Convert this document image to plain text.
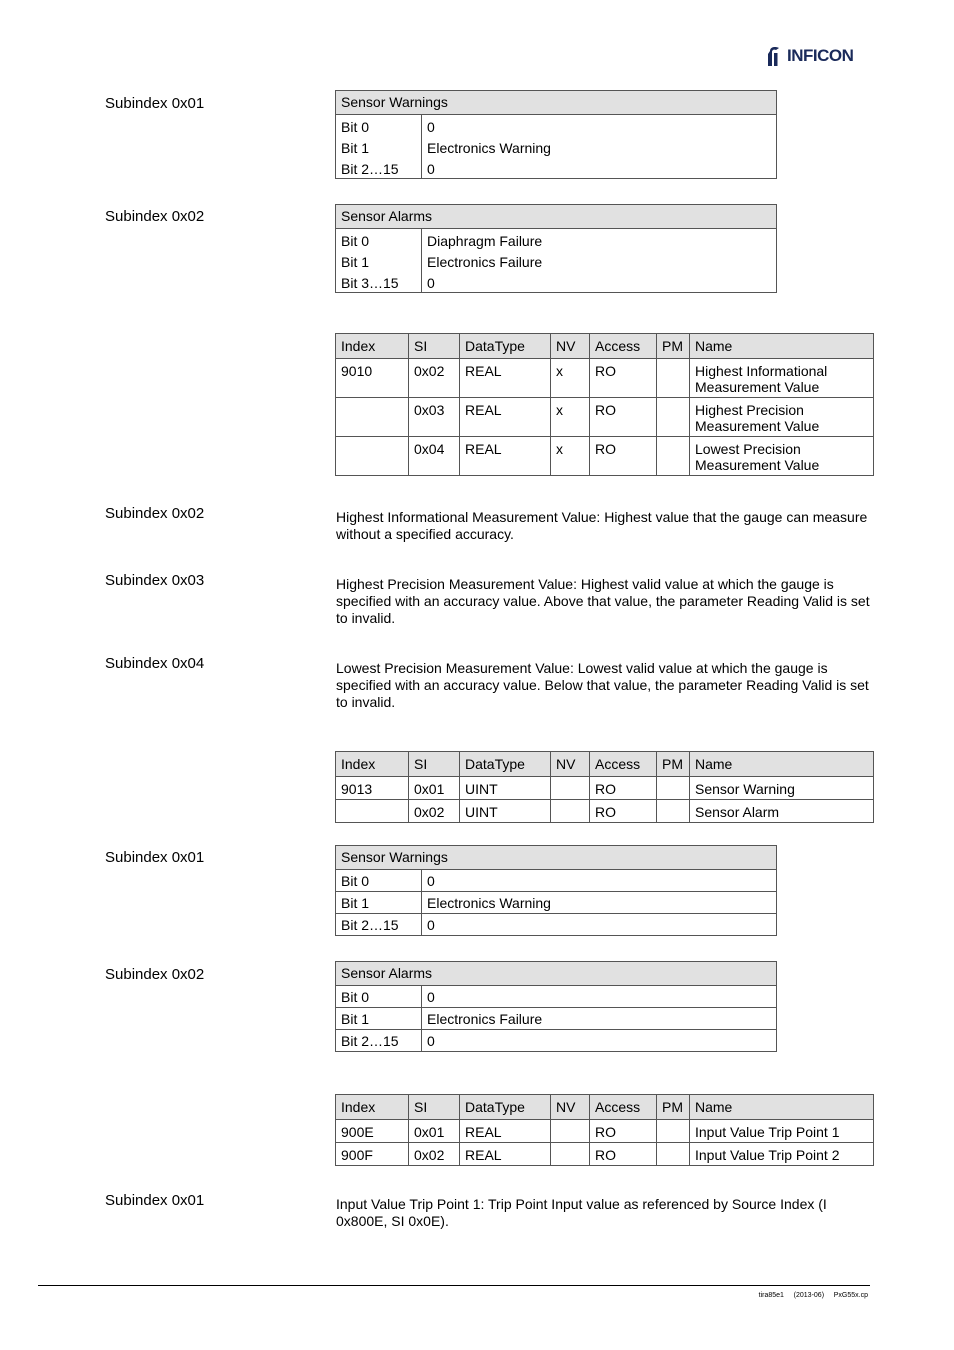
INFICON
Subindex 0x01	Sensor Warnings	
Bit 0	0
Bit 1	Electronics Warning
Bit 2…15	0
Subindex 0x02	Sensor Alarms	
Bit 0	Diaphragm Failure
Bit 1	Electronics Failure
Bit 3…15	0
Index	SI	DataType	NV	Access	PM	Name
9010	0x02	REAL	x	RO		Highest Informational Measurement Value
	0x03	REAL	x	RO		Highest Precision Measurement Value
	0x04	REAL	x	RO		Lowest Precision Measurement Value
Subindex 0x02	Highest Informational Measurement Value: Highest value that the gauge can measure without a specified accuracy.
Subindex 0x03	Highest Precision Measurement Value: Highest valid value at which the gauge is specified with an accuracy value. Above that value, the parameter Reading Valid is set to invalid.
Subindex 0x04	Lowest Precision Measurement Value: Lowest valid value at which the gauge is specified with an accuracy value. Below that value, the parameter Reading Valid is set to invalid.
Index	SI	DataType	NV	Access	PM	Name
9013	0x01	UINT		RO		Sensor Warning
	0x02	UINT		RO		Sensor Alarm
Subindex 0x01	Sensor Warnings	
Bit 0	0
Bit 1	Electronics Warning
Bit 2…15	0
Subindex 0x02	Sensor Alarms	
Bit 0	0
Bit 1	Electronics Failure
Bit 2…15	0
Index	SI	DataType	NV	Access	PM	Name
900E	0x01	REAL		RO		Input Value Trip Point 1
900F	0x02	REAL		RO		Input Value Trip Point 2
Subindex 0x01	Input Value Trip Point 1: Trip Point Input value as referenced by Source Index (I 0x800E, SI 0x0E).
tira85e1     (2013-06)     PxG55x.cp
